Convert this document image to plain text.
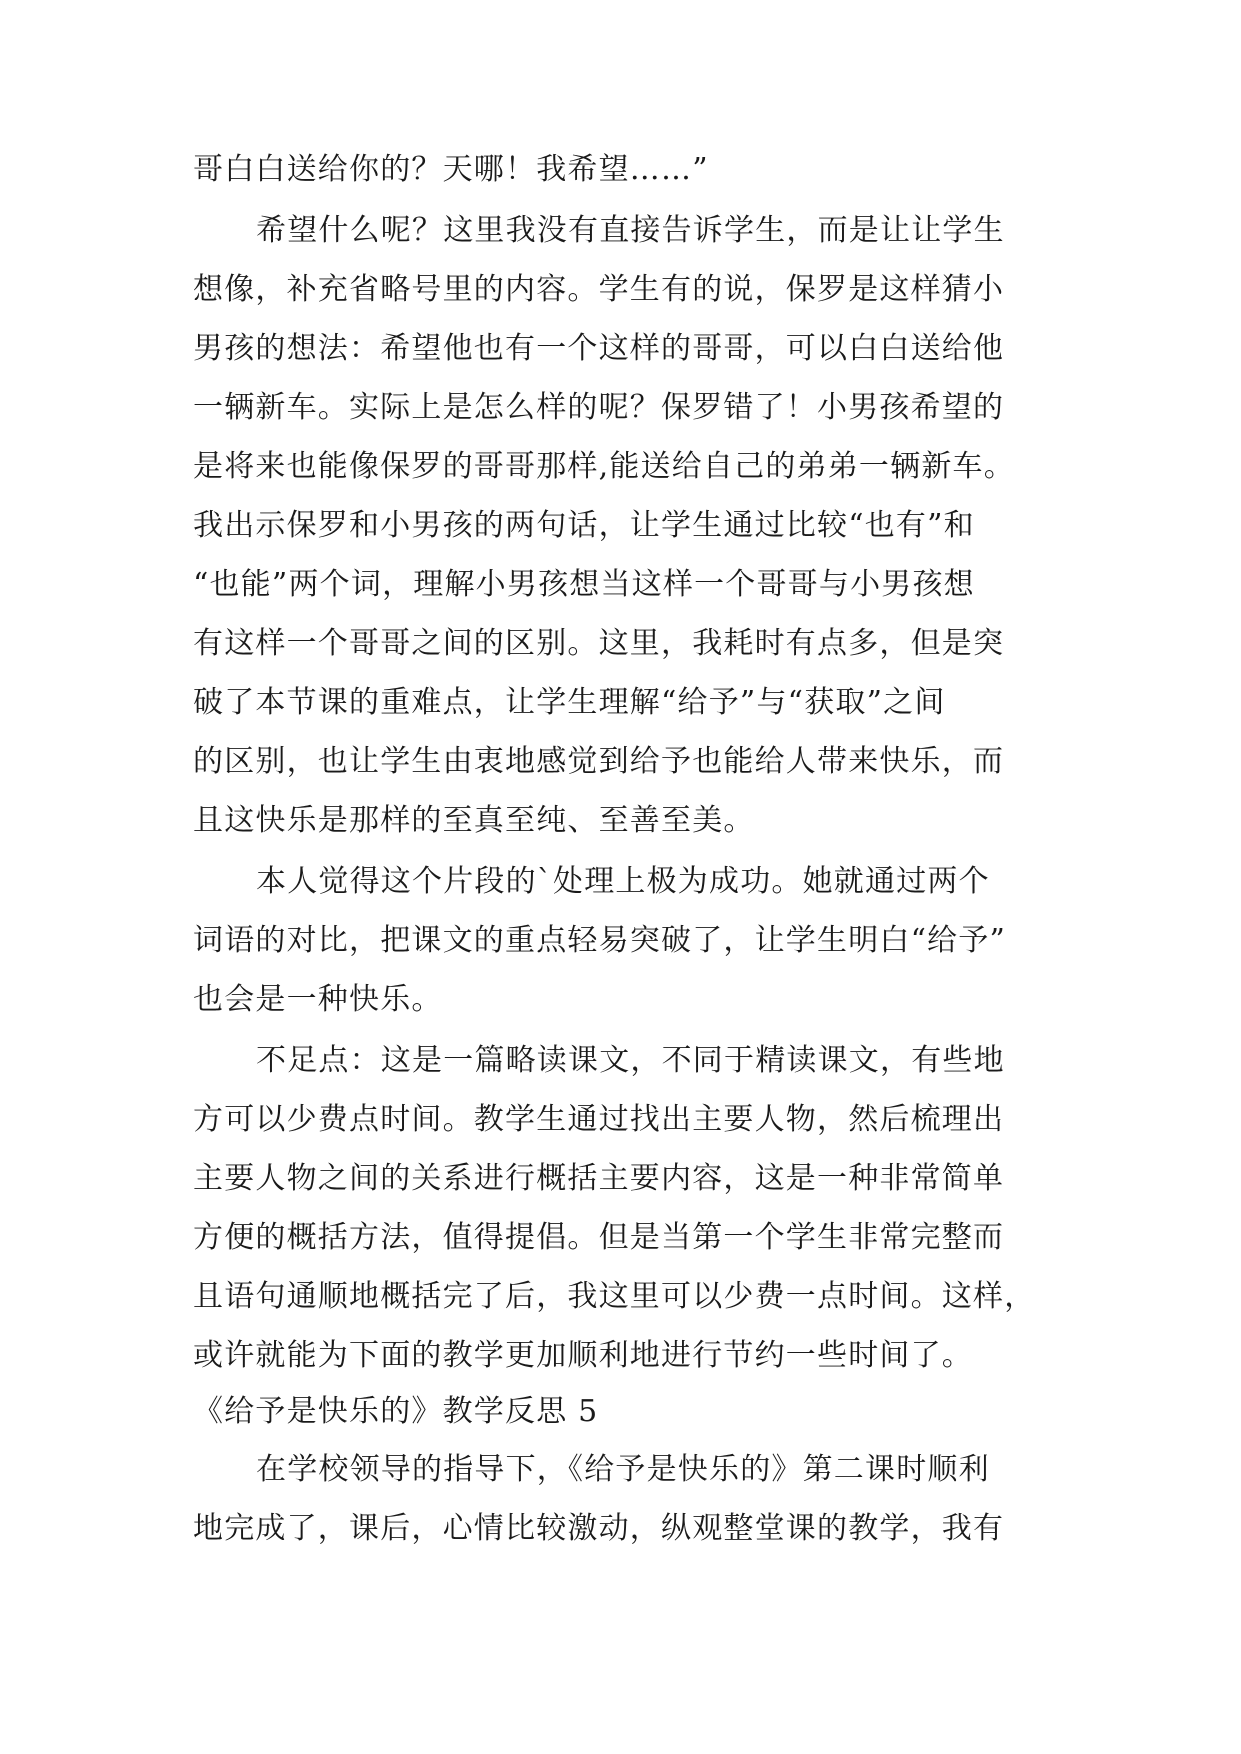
哥白白送给你的？天哪！我希望……”
希望什么呢？这里我没有直接告诉学生，而是让让学生
想像，补充省略号里的内容。学生有的说，保罗是这样猜小
男孩的想法：希望他也有一个这样的哥哥，可以白白送给他
一辆新车。实际上是怎么样的呢？保罗错了！小男孩希望的
是将来也能像保罗的哥哥那样,能送给自己的弟弟一辆新车。
我出示保罗和小男孩的两句话，让学生通过比较“也有”和
“也能”两个词，理解小男孩想当这样一个哥哥与小男孩想
有这样一个哥哥之间的区别。这里，我耗时有点多，但是突
破了本节课的重难点，让学生理解“给予”与“获取”之间
的区别，也让学生由衷地感觉到给予也能给人带来快乐，而
且这快乐是那样的至真至纯、至善至美。
本人觉得这个片段的`处理上极为成功。她就通过两个
词语的对比，把课文的重点轻易突破了，让学生明白“给予”
也会是一种快乐。
不足点：这是一篇略读课文，不同于精读课文，有些地
方可以少费点时间。教学生通过找出主要人物，然后梳理出
主要人物之间的关系进行概括主要内容，这是一种非常简单
方便的概括方法，值得提倡。但是当第一个学生非常完整而
且语句通顺地概括完了后，我这里可以少费一点时间。这样，
或许就能为下面的教学更加顺利地进行节约一些时间了。
《给予是快乐的》教学反思 5
在学校领导的指导下，《给予是快乐的》第二课时顺利
地完成了，课后，心情比较激动，纵观整堂课的教学，我有
